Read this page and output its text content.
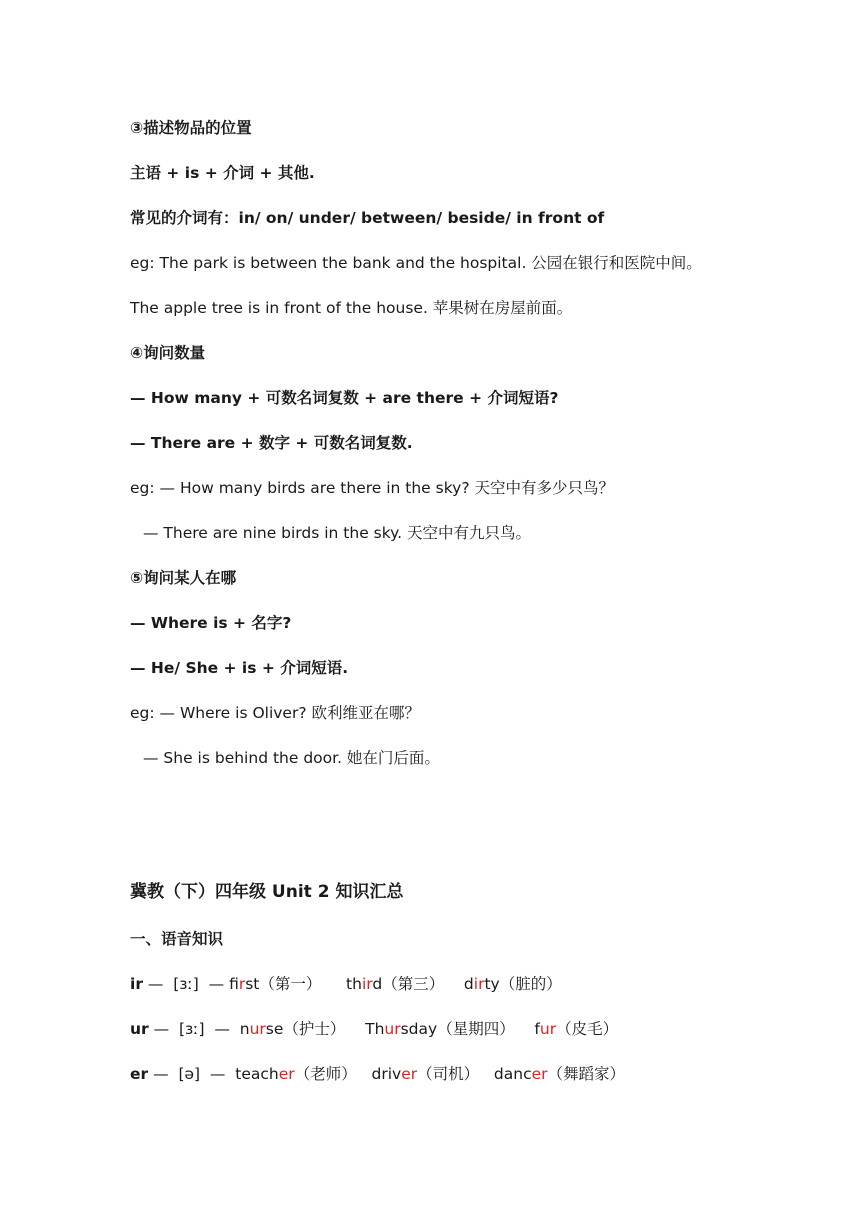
③描述物品的位置
主语 + is + 介词 + 其他.
常见的介词有：in/ on/ under/ between/ beside/ in front of
eg: The park is between the bank and the hospital. 公园在银行和医院中间。
The apple tree is in front of the house. 苹果树在房屋前面。
④询问数量
— How many + 可数名词复数 + are there + 介词短语?
— There are + 数字 + 可数名词复数.
eg: — How many birds are there in the sky? 天空中有多少只鸟？
— There are nine birds in the sky. 天空中有九只鸟。
⑤询问某人在哪
— Where is + 名字?
— He/ She + is + 介词短语.
eg: — Where is Oliver? 欧利维亚在哪？
— She is behind the door. 她在门后面。
冀教（下）四年级 Unit 2 知识汇总
一、语音知识
ir —  [ɜː]  — first（第一）     third（第三）    dirty（脏的）
ur —  [ɜː]  —  nurse（护士）    Thursday（星期四）    fur（皮毛）
er —  [ə]  —  teacher（老师）   driver（司机）   dancer（舞蹈家）
